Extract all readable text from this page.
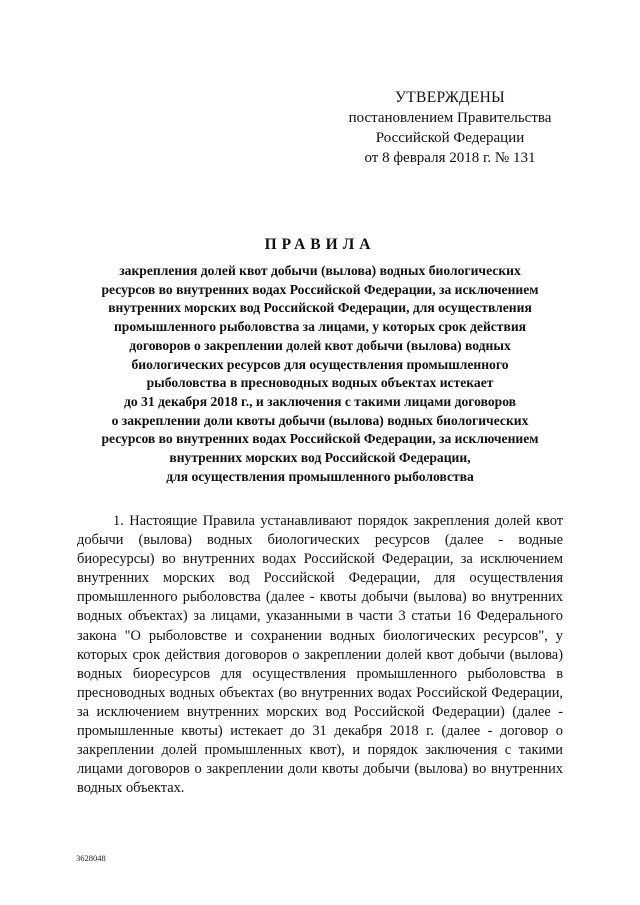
УТВЕРЖДЕНЫ
постановлением Правительства
Российской Федерации
от 8 февраля 2018 г. № 131
ПРАВИЛА
закрепления долей квот добычи (вылова) водных биологических
ресурсов во внутренних водах Российской Федерации, за исключением
внутренних морских вод Российской Федерации, для осуществления
промышленного рыболовства за лицами, у которых срок действия
договоров о закреплении долей квот добычи (вылова) водных
биологических ресурсов для осуществления промышленного
рыболовства в пресноводных водных объектах истекает
до 31 декабря 2018 г., и заключения с такими лицами договоров
о закреплении доли квоты добычи (вылова) водных биологических
ресурсов во внутренних водах Российской Федерации, за исключением
внутренних морских вод Российской Федерации,
для осуществления промышленного рыболовства

1. Настоящие Правила устанавливают порядок закрепления долей квот добычи (вылова) водных биологических ресурсов (далее - водные биоресурсы) во внутренних водах Российской Федерации, за исключением внутренних морских вод Российской Федерации, для осуществления промышленного рыболовства (далее - квоты добычи (вылова) во внутренних водных объектах) за лицами, указанными в части 3 статьи 16 Федерального закона "О рыболовстве и сохранении водных биологических ресурсов", у которых срок действия договоров о закреплении долей квот добычи (вылова) водных биоресурсов для осуществления промышленного рыболовства в пресноводных водных объектах (во внутренних водах Российской Федерации, за исключением внутренних морских вод Российской Федерации) (далее - промышленные квоты) истекает до 31 декабря 2018 г. (далее - договор о закреплении долей промышленных квот), и порядок заключения с такими лицами договоров о закреплении доли квоты добычи (вылова) во внутренних водных объектах.

3628048
